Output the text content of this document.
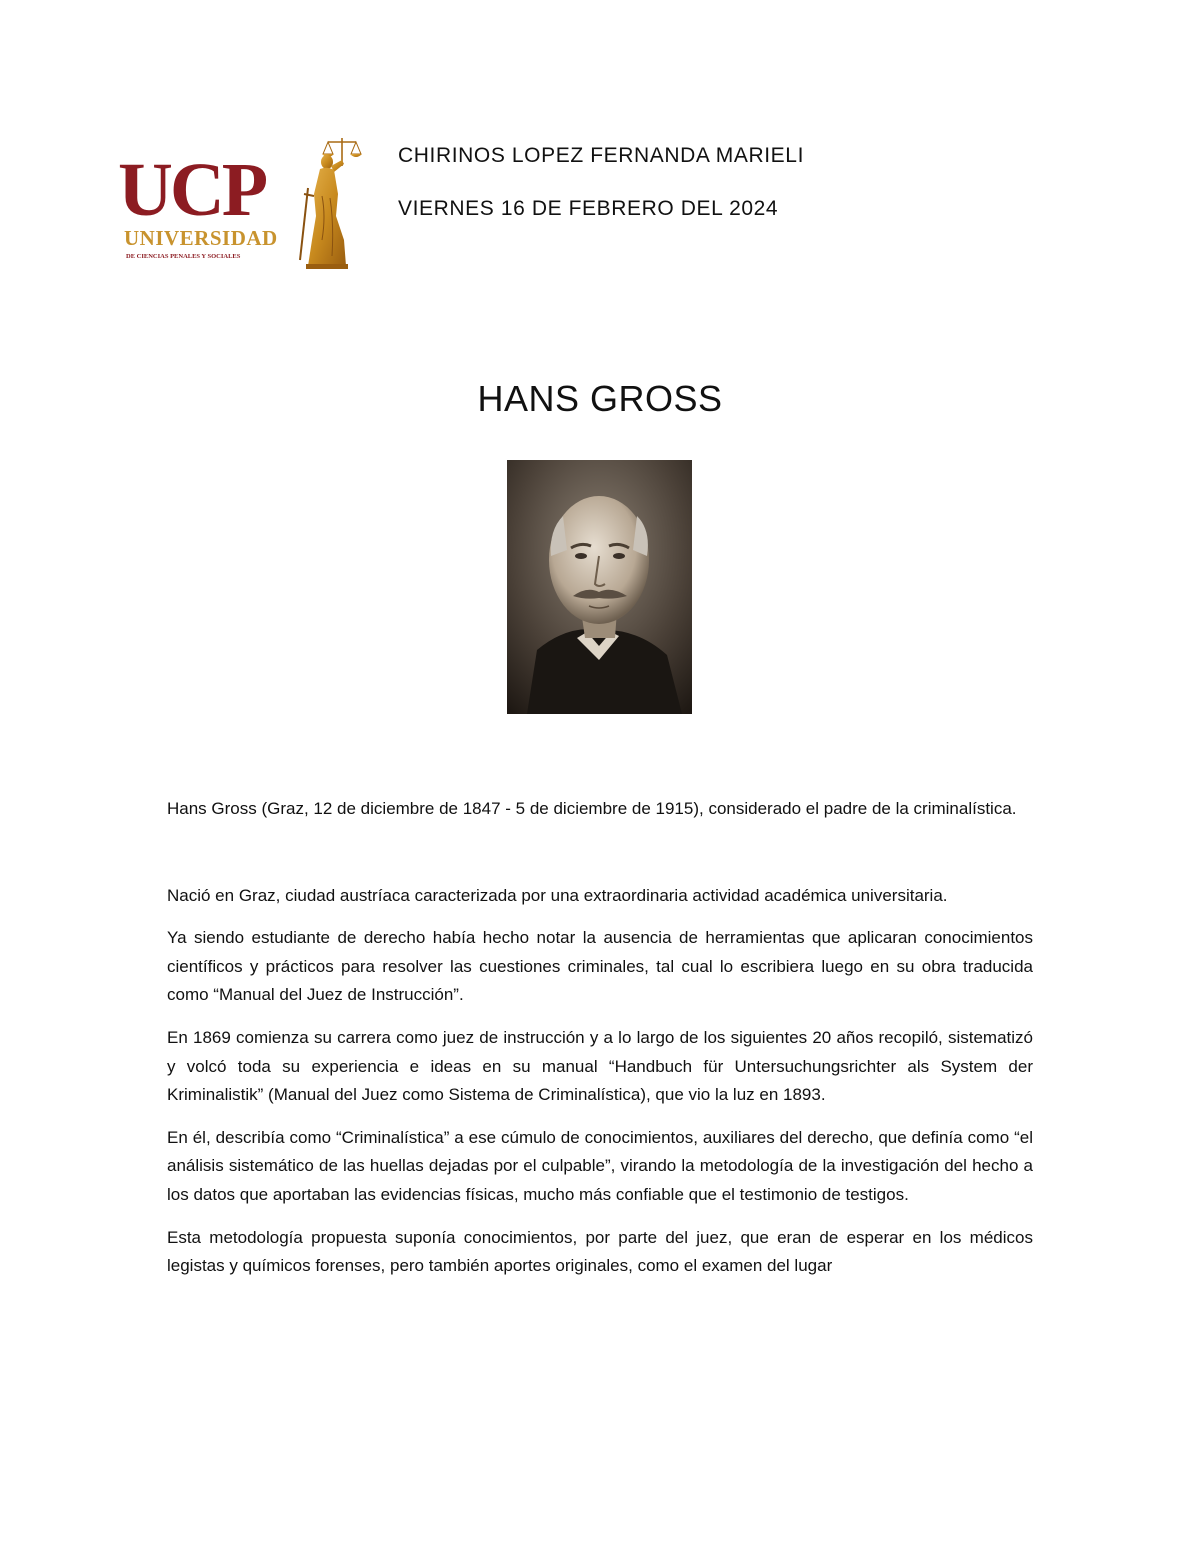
UCP
UNIVERSIDAD
DE CIENCIAS PENALES Y SOCIALES
CHIRINOS LOPEZ FERNANDA MARIELI
VIERNES 16 DE FEBRERO DEL 2024
HANS GROSS

Hans Gross (Graz, 12 de diciembre de 1847 - 5 de diciembre de 1915), considerado el padre de la criminalística.

Nació en Graz, ciudad austríaca caracterizada por una extraordinaria actividad académica universitaria.

Ya siendo estudiante de derecho había hecho notar la ausencia de herramientas que aplicaran conocimientos científicos y prácticos para resolver las cuestiones criminales, tal cual lo escribiera luego en su obra traducida como “Manual del Juez de Instrucción”.

En 1869 comienza su carrera como juez de instrucción y a lo largo de los siguientes 20 años recopiló, sistematizó y volcó toda su experiencia e ideas en su manual “Handbuch für Untersuchungsrichter als System der Kriminalistik” (Manual del Juez como Sistema de Criminalística), que vio la luz en 1893.

En él, describía como “Criminalística” a ese cúmulo de conocimientos, auxiliares del derecho, que definía como “el análisis sistemático de las huellas dejadas por el culpable”, virando la metodología de la investigación del hecho a los datos que aportaban las evidencias físicas, mucho más confiable que el testimonio de testigos.

Esta metodología propuesta suponía conocimientos, por parte del juez, que eran de esperar en los médicos legistas y químicos forenses, pero también aportes originales, como el examen del lugar
